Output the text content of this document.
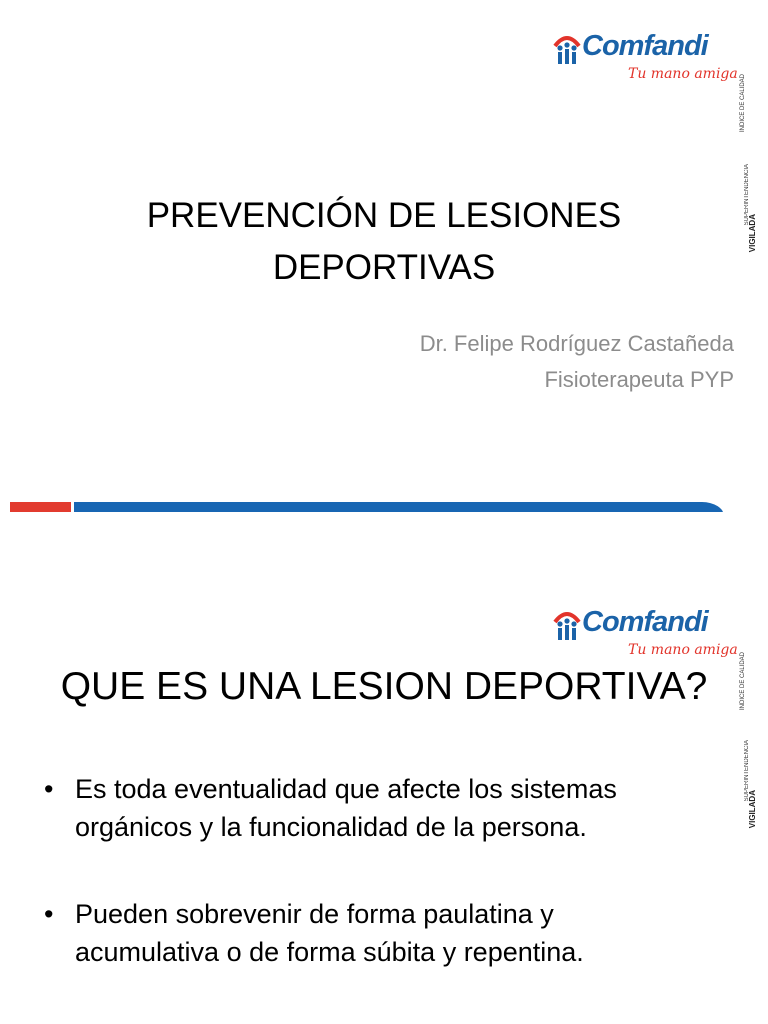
Comfandi
Tu mano amiga ÍNDICE DE CALIDAD
SUPERINTENDENCIA
VIGILADA
PREVENCIÓN DE LESIONES
DEPORTIVAS
Dr. Felipe Rodríguez Castañeda
Fisioterapeuta PYP
Comfandi
Tu mano amiga
ÍNDICE DE CALIDAD
SUPERINTENDENCIA
VIGILADA
QUE ES UNA LESION DEPORTIVA?
• Es toda eventualidad que afecte los sistemas
orgánicos y la funcionalidad de la persona.
• Pueden sobrevenir de forma paulatina y
acumulativa o de forma súbita y repentina.
